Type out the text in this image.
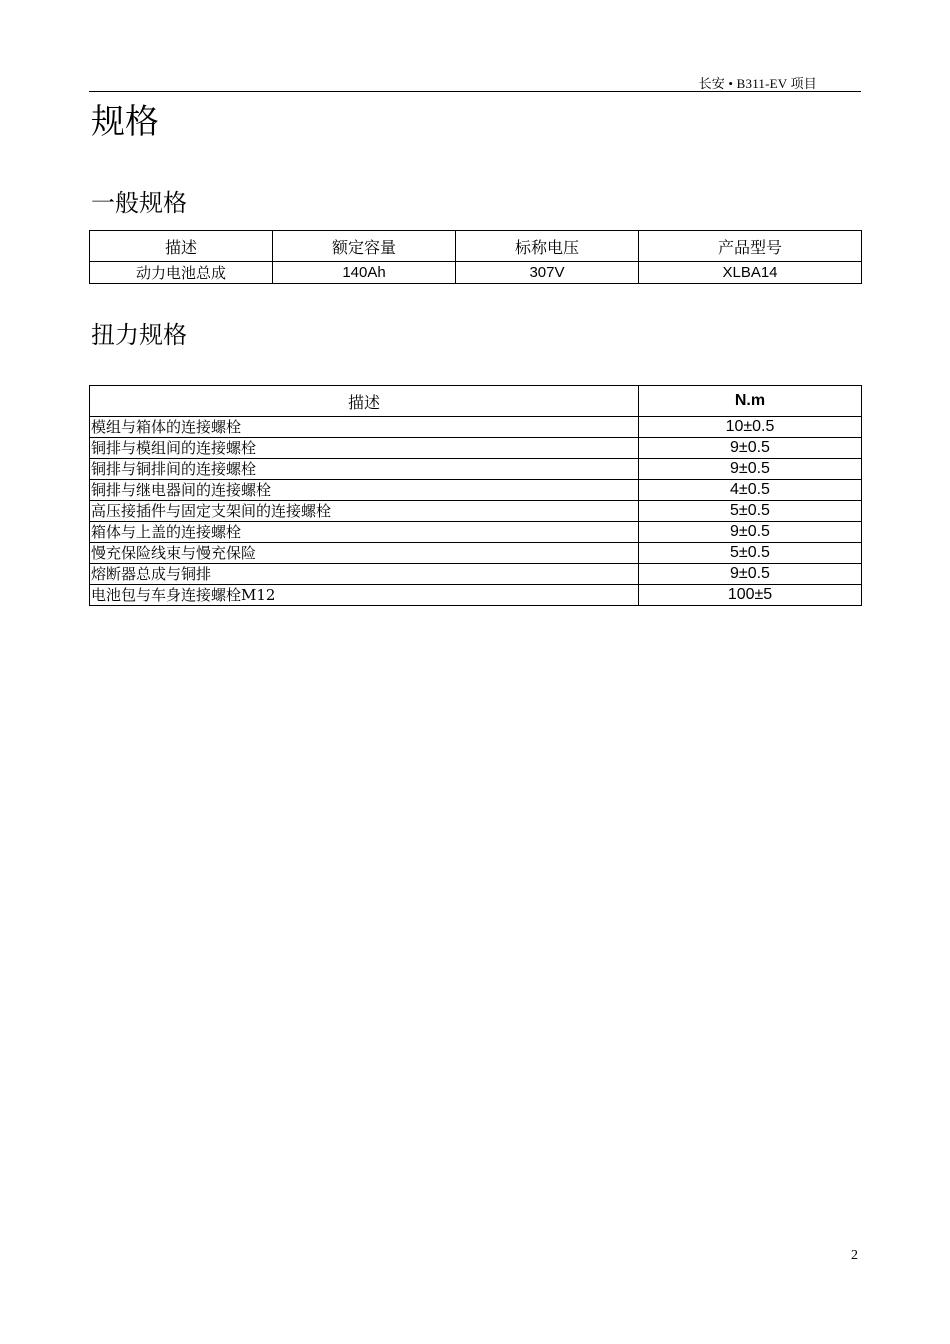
长安 • B311-EV 项目
规格
一般规格
描述	额定容量	标称电压	产品型号
动力电池总成	140Ah	307V	XLBA14
扭力规格
描述	N.m
模组与箱体的连接螺栓	10±0.5
铜排与模组间的连接螺栓	9±0.5
铜排与铜排间的连接螺栓	9±0.5
铜排与继电器间的连接螺栓	4±0.5
高压接插件与固定支架间的连接螺栓	5±0.5
箱体与上盖的连接螺栓	9±0.5
慢充保险线束与慢充保险	5±0.5
熔断器总成与铜排	9±0.5
电池包与车身连接螺栓M12	100±5
2
